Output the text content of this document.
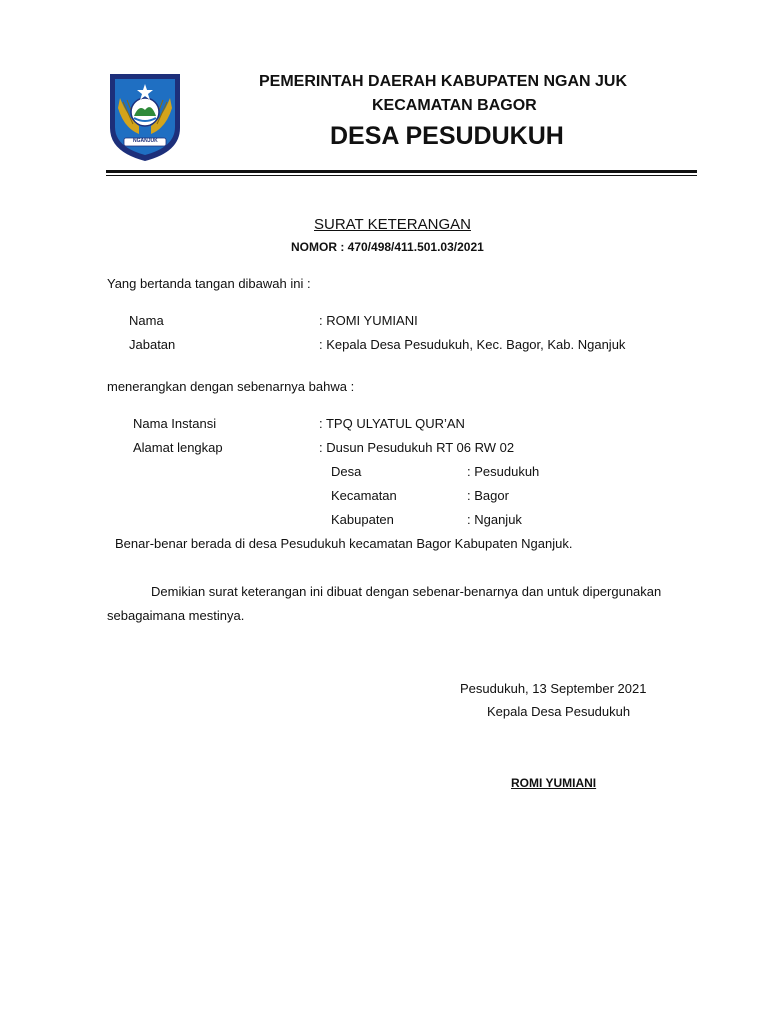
NGANJUK
PEMERINTAH DAERAH KABUPATEN NGAN JUK
KECAMATAN BAGOR
DESA PESUDUKUH
SURAT KETERANGAN
NOMOR : 470/498/411.501.03/2021
Yang bertanda tangan dibawah ini :
Nama	: ROMI YUMIANI
Jabatan	: Kepala Desa Pesudukuh, Kec. Bagor, Kab. Nganjuk
menerangkan dengan sebenarnya bahwa :
Nama Instansi	: TPQ ULYATUL QUR’AN
Alamat lengkap	: Dusun Pesudukuh RT 06 RW 02
Desa	: Pesudukuh
Kecamatan	: Bagor
Kabupaten	: Nganjuk
Benar-benar berada di desa Pesudukuh kecamatan Bagor Kabupaten Nganjuk.
Demikian surat keterangan ini dibuat dengan sebenar-benarnya dan untuk dipergunakan
sebagaimana mestinya.
Pesudukuh, 13 September 2021
Kepala Desa Pesudukuh
ROMI YUMIANI
